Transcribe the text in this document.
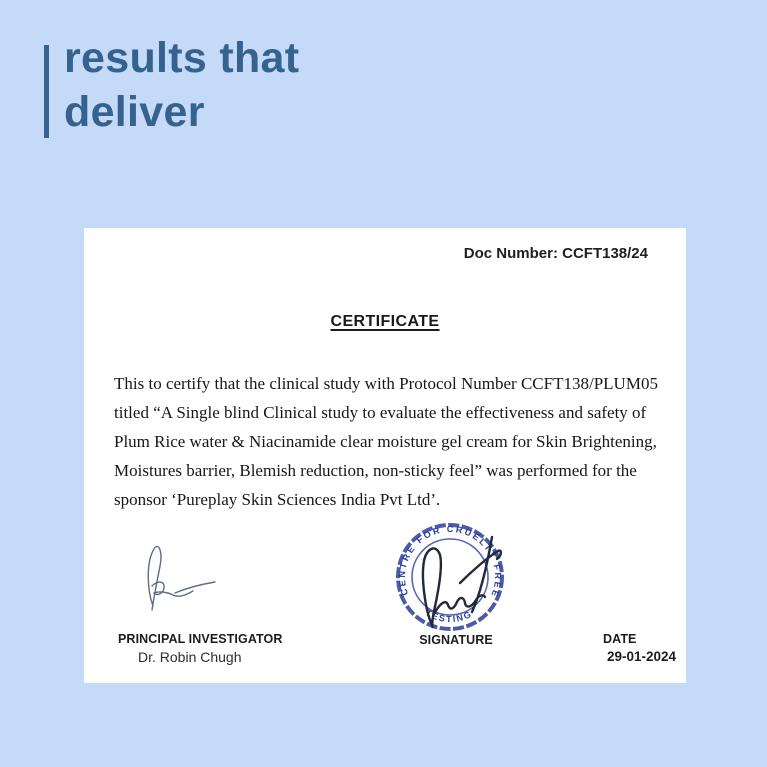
results that
deliver
Doc Number: CCFT138/24
CERTIFICATE
This to certify that the clinical study with Protocol Number CCFT138/PLUM05
titled “A Single blind Clinical study to evaluate the effectiveness and safety of
Plum Rice water & Niacinamide clear moisture gel cream for Skin Brightening,
Moistures barrier, Blemish reduction, non-sticky feel” was performed for the
sponsor ‘Pureplay Skin Sciences India Pvt Ltd’.
CENTRE FOR CRUELTY FREE
TESTING
PRINCIPAL INVESTIGATOR
Dr. Robin Chugh
SIGNATURE	DATE
29-01-2024
